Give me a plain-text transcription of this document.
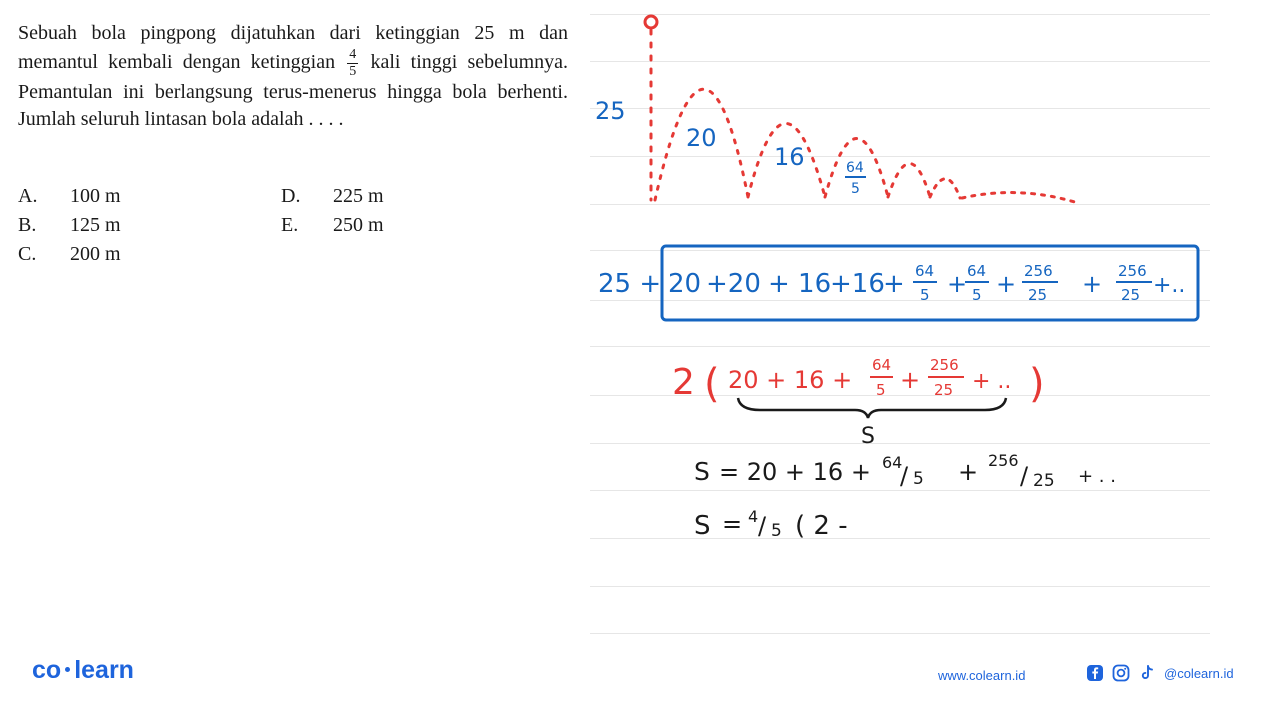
Sebuah bola pingpong dijatuhkan dari ketinggian 25 m dan memantul kembali dengan ketinggian $\frac{4}{5}$ kali tinggi sebelumnya. Pemantulan ini berlangsung terus-menerus hingga bola berhenti. Jumlah seluruh lintasan bola adalah . . . .

A. 100 m
B. 125 m
C. 200 m
D. 225 m
E. 250 m
25
20
16	64
5
25 + 20 +20 + 16
+16
+ 64
5 + 64
5 + 256
25 + 256
25 +..
2 (	)
20 + 16 +
64
5 +
256
25 + ..
S
S = 20 + 16 + 64
/ 5 + 256
/ 25 + . .
S = 4 / 5 ( 2 -
co learn	www.colearn.id	@colearn.id
